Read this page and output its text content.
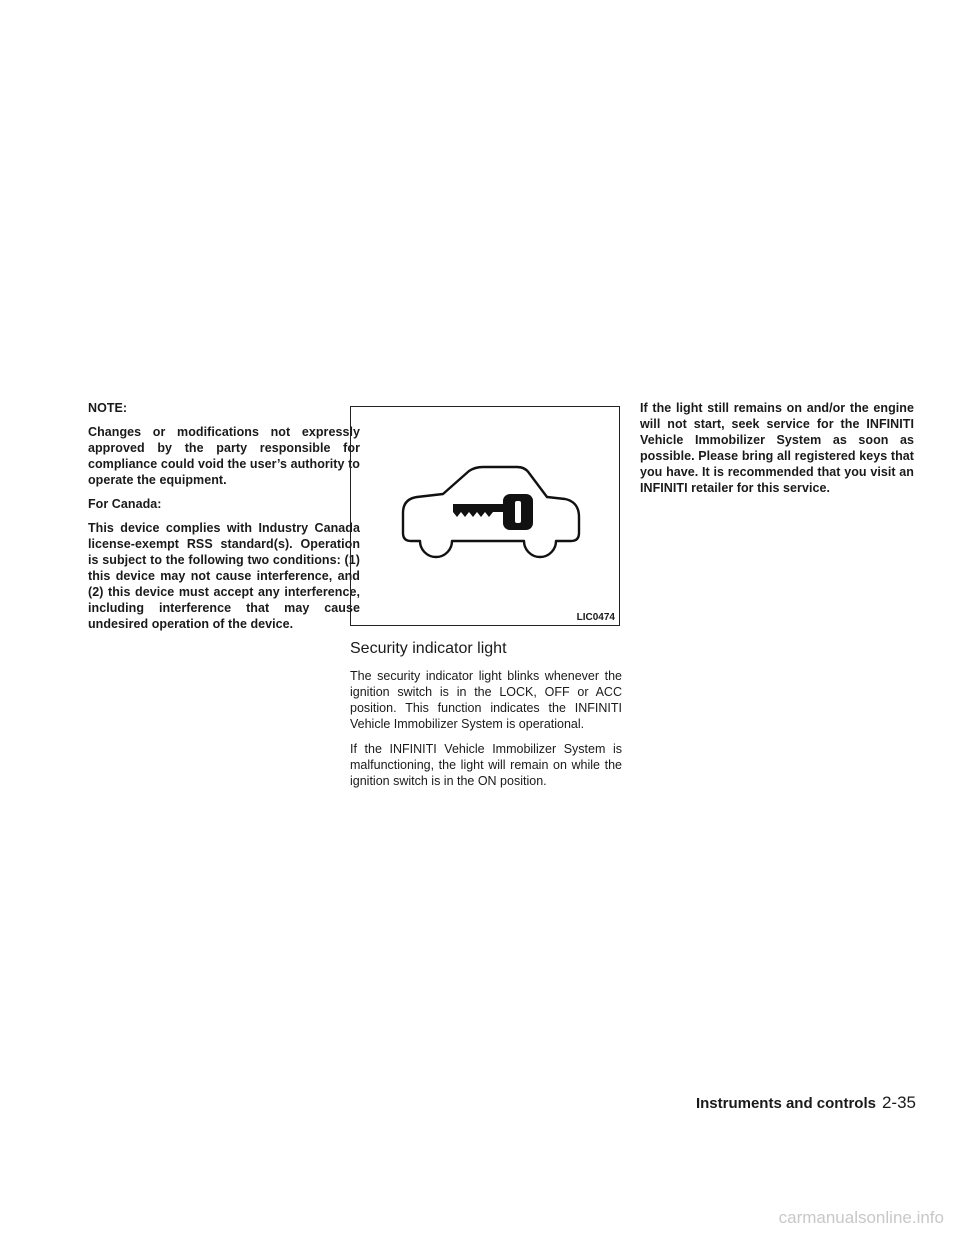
NOTE:

Changes or modifications not expressly approved by the party responsible for compliance could void the user’s authority to operate the equipment.

For Canada:

This device complies with Industry Canada license-exempt RSS standard(s). Operation is subject to the following two conditions: (1) this device may not cause interference, and (2) this device must accept any interference, including interference that may cause undesired operation of the device.	LIC0474
Security indicator light

The security indicator light blinks whenever the ignition switch is in the LOCK, OFF or ACC position. This function indicates the INFINITI Vehicle Immobilizer System is operational.

If the INFINITI Vehicle Immobilizer System is malfunctioning, the light will remain on while the ignition switch is in the ON position.

If the light still remains on and/or the engine will not start, seek service for the INFINITI Vehicle Immobilizer System as soon as possible. Please bring all registered keys that you have. It is recommended that you visit an INFINITI retailer for this service.

Instruments and controls 2-35
carmanualsonline.info
